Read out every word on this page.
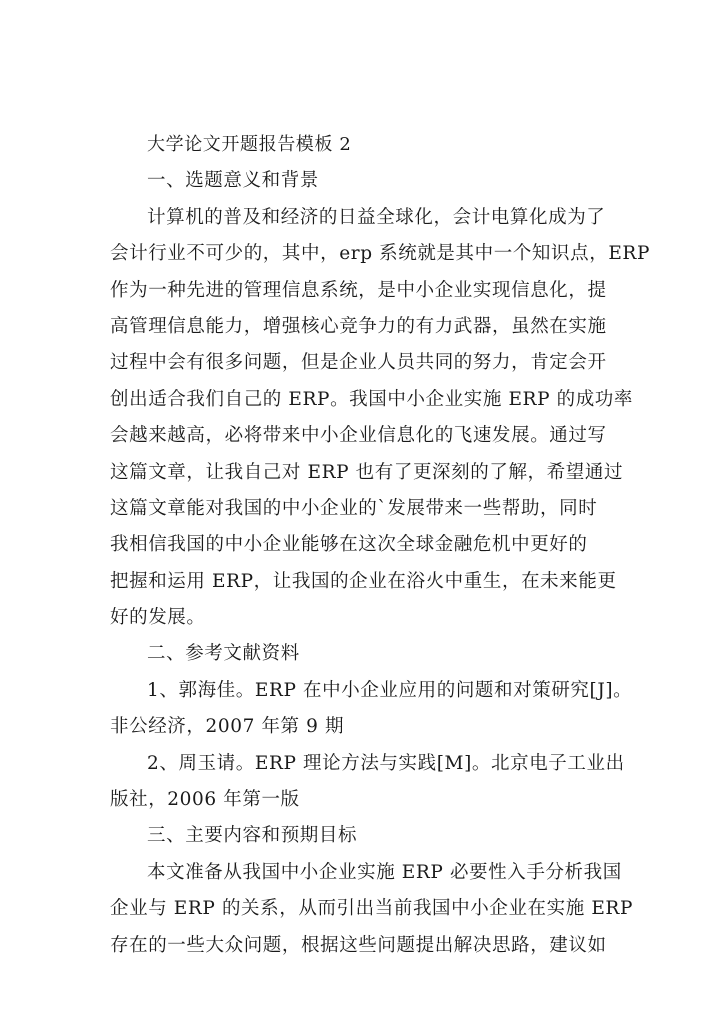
大学论文开题报告模板 2
一、选题意义和背景
计算机的普及和经济的日益全球化，会计电算化成为了
会计行业不可少的，其中，erp 系统就是其中一个知识点，ERP
作为一种先进的管理信息系统，是中小企业实现信息化，提
高管理信息能力，增强核心竞争力的有力武器，虽然在实施
过程中会有很多问题，但是企业人员共同的努力，肯定会开
创出适合我们自己的 ERP。我国中小企业实施 ERP 的成功率
会越来越高，必将带来中小企业信息化的飞速发展。通过写
这篇文章，让我自己对 ERP 也有了更深刻的了解，希望通过
这篇文章能对我国的中小企业的`发展带来一些帮助，同时
我相信我国的中小企业能够在这次全球金融危机中更好的
把握和运用 ERP，让我国的企业在浴火中重生，在未来能更
好的发展。
二、参考文献资料
1、郭海佳。ERP 在中小企业应用的问题和对策研究[J]。
非公经济，2007 年第 9 期
2、周玉请。ERP 理论方法与实践[M]。北京电子工业出
版社，2006 年第一版
三、主要内容和预期目标
本文准备从我国中小企业实施 ERP 必要性入手分析我国
企业与 ERP 的关系，从而引出当前我国中小企业在实施 ERP
存在的一些大众问题，根据这些问题提出解决思路，建议如
